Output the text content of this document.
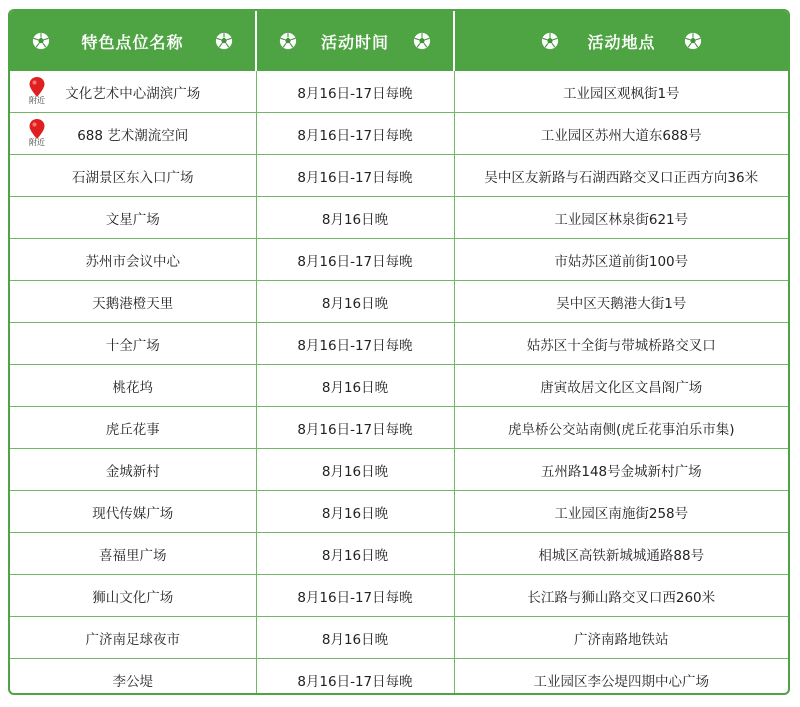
特色点位名称	活动时间	活动地点

附近 文化艺术中心湖滨广场	8月16日-17日每晚	工业园区观枫街1号

附近 688 艺术潮流空间	8月16日-17日每晚	工业园区苏州大道东688号
石湖景区东入口广场	8月16日-17日每晚	吴中区友新路与石湖西路交叉口正西方向36米
文星广场	8月16日晚	工业园区林泉街621号
苏州市会议中心	8月16日-17日每晚	市姑苏区道前街100号
天鹅港橙天里	8月16日晚	吴中区天鹅港大街1号
十全广场	8月16日-17日每晚	姑苏区十全街与带城桥路交叉口
桃花坞	8月16日晚	唐寅故居文化区文昌阁广场
虎丘花事	8月16日-17日每晚	虎阜桥公交站南侧(虎丘花事泊乐市集)
金城新村	8月16日晚	五州路148号金城新村广场
现代传媒广场	8月16日晚	工业园区南施街258号
喜福里广场	8月16日晚	相城区高铁新城城通路88号
狮山文化广场	8月16日-17日每晚	长江路与狮山路交叉口西260米
广济南足球夜市	8月16日晚	广济南路地铁站
李公堤	8月16日-17日每晚	工业园区李公堤四期中心广场
